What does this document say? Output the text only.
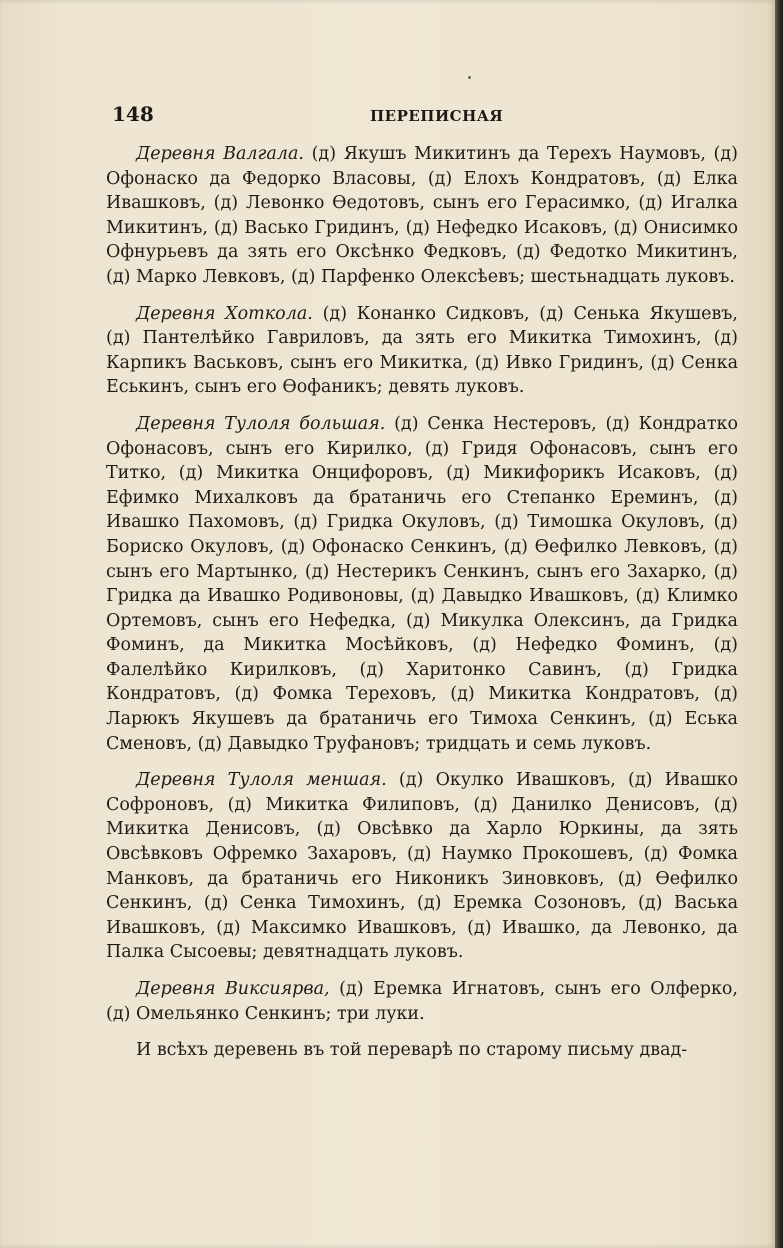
148	ПЕРЕПИСНАЯ

Деревня Валгала. (д) Якушъ Микитинъ да Терехъ Наумовъ, (д) Офонаско да Федорко Власовы, (д) Елохъ Кондратовъ, (д) Елка Ивашковъ, (д) Левонко Ѳедотовъ, сынъ его Герасимко, (д) Игалка Микитинъ, (д) Васько Гридинъ, (д) Нефедко Исаковъ, (д) Онисимко Офнурьевъ да зять его Оксѣнко Федковъ, (д) Федотко Микитинъ, (д) Марко Левковъ, (д) Парфенко Олексѣевъ; шестьнадцать луковъ.

Деревня Хоткола. (д) Конанко Сидковъ, (д) Сенька Якушевъ, (д) Пантелѣйко Гавриловъ, да зять его Микитка Тимохинъ, (д) Карпикъ Васьковъ, сынъ его Микитка, (д) Ивко Гридинъ, (д) Сенка Еськинъ, сынъ его Ѳофаникъ; девять луковъ.

Деревня Тулоля большая. (д) Сенка Нестеровъ, (д) Кондратко Офонасовъ, сынъ его Кирилко, (д) Гридя Офонасовъ, сынъ его Титко, (д) Микитка Онцифоровъ, (д) Микифорикъ Исаковъ, (д) Ефимко Михалковъ да братаничь его Степанко Ереминъ, (д) Ивашко Пахомовъ, (д) Гридка Окуловъ, (д) Тимошка Окуловъ, (д) Бориско Окуловъ, (д) Офонаско Сенкинъ, (д) Ѳефилко Левковъ, (д) сынъ его Мартынко, (д) Нестерикъ Сенкинъ, сынъ его Захарко, (д) Гридка да Ивашко Родивоновы, (д) Давыдко Ивашковъ, (д) Климко Ортемовъ, сынъ его Нефедка, (д) Микулка Олексинъ, да Гридка Фоминъ, да Микитка Мосѣйковъ, (д) Нефедко Фоминъ, (д) Фалелѣйко Кирилковъ, (д) Харитонко Савинъ, (д) Гридка Кондратовъ, (д) Фомка Тереховъ, (д) Микитка Кондратовъ, (д) Ларюкъ Якушевъ да братаничь его Тимоха Сенкинъ, (д) Еська Сменовъ, (д) Давыдко Труфановъ; тридцать и семь луковъ.

Деревня Тулоля меншая. (д) Окулко Ивашковъ, (д) Ивашко Софроновъ, (д) Микитка Филиповъ, (д) Данилко Денисовъ, (д) Микитка Денисовъ, (д) Овсѣвко да Харло Юркины, да зять Овсѣвковъ Офремко Захаровъ, (д) Наумко Прокошевъ, (д) Фомка Манковъ, да братаничь его Никоникъ Зиновковъ, (д) Ѳефилко Сенкинъ, (д) Сенка Тимохинъ, (д) Еремка Созоновъ, (д) Васька Ивашковъ, (д) Максимко Ивашковъ, (д) Ивашко, да Левонко, да Палка Сысоевы; девятнадцать луковъ.

Деревня Виксиярва, (д) Еремка Игнатовъ, сынъ его Олферко, (д) Омельянко Сенкинъ; три луки.

И всѣхъ деревень въ той переварѣ по старому письму двад-
